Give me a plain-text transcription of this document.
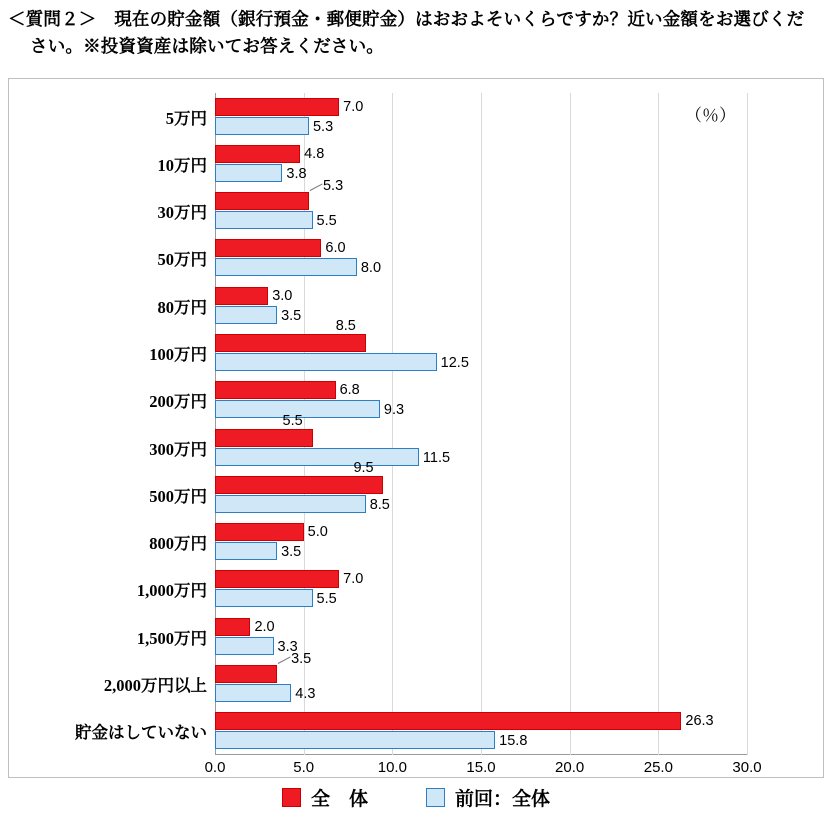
＜質問２＞　現在の貯金額（銀行預金・郵便貯金）はおおよそいくらですか？近い金額をお選びくだ
さい。※投資資産は除いてお答えください。
（％）
0.0	5.0	10.0	15.0	20.0	25.0	30.0
5万円
7.0
5.3
10万円
4.8
3.8
30万円
5.3
5.5
50万円
6.0
8.0
80万円
3.0
3.5
100万円
8.5
12.5
200万円
6.8
9.3
300万円
5.5
11.5
500万円
9.5
8.5
800万円
5.0
3.5
1,000万円
7.0
5.5
1,500万円
2.0
3.3
2,000万円以上
3.5
4.3
貯金はしていない
26.3
15.8
全　体	前回：全体
